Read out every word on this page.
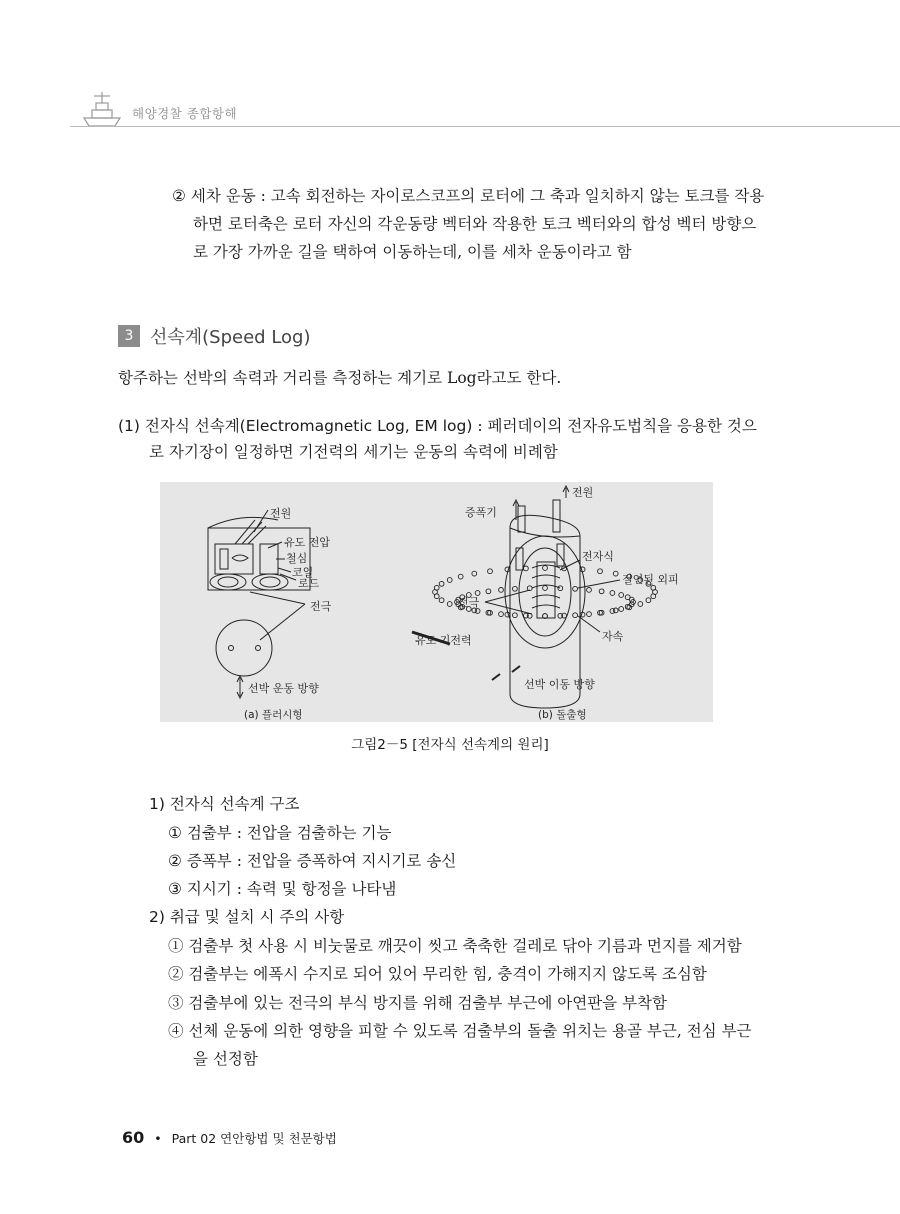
해양경찰 종합항해
② 세차 운동 : 고속 회전하는 자이로스코프의 로터에 그 축과 일치하지 않는 토크를 작용
하면 로터축은 로터 자신의 각운동량 벡터와 작용한 토크 벡터와의 합성 벡터 방향으
로 가장 가까운 길을 택하여 이동하는데, 이를 세차 운동이라고 함
3 선속계(Speed Log)
항주하는 선박의 속력과 거리를 측정하는 계기로 Log라고도 한다.
(1) 전자식 선속계(Electromagnetic Log, EM log) : 페러데이의 전자유도법칙을 응용한 것으
로 자기장이 일정하면 기전력의 세기는 운동의 속력에 비례함
전원
유도 전압
철심
코일
로드
전극
선박 운동 방향
(a) 플러시형
증폭기
전원
전자식
절연된 외피
전극
유도 기전력	자속
선박 이동 방향
(b) 돌출형
그림2－5 [전자식 선속계의 원리]
1) 전자식 선속계 구조
① 검출부 : 전압을 검출하는 기능
② 증폭부 : 전압을 증폭하여 지시기로 송신
③ 지시기 : 속력 및 항정을 나타냄
2) 취급 및 설치 시 주의 사항
① 검출부 첫 사용 시 비눗물로 깨끗이 씻고 축축한 걸레로 닦아 기름과 먼지를 제거함
② 검출부는 에폭시 수지로 되어 있어 무리한 힘, 충격이 가해지지 않도록 조심함
③ 검출부에 있는 전극의 부식 방지를 위해 검출부 부근에 아연판을 부착함
④ 선체 운동에 의한 영향을 피할 수 있도록 검출부의 돌출 위치는 용골 부근, 전심 부근
을 선정함
60 • Part 02 연안항법 및 천문항법
